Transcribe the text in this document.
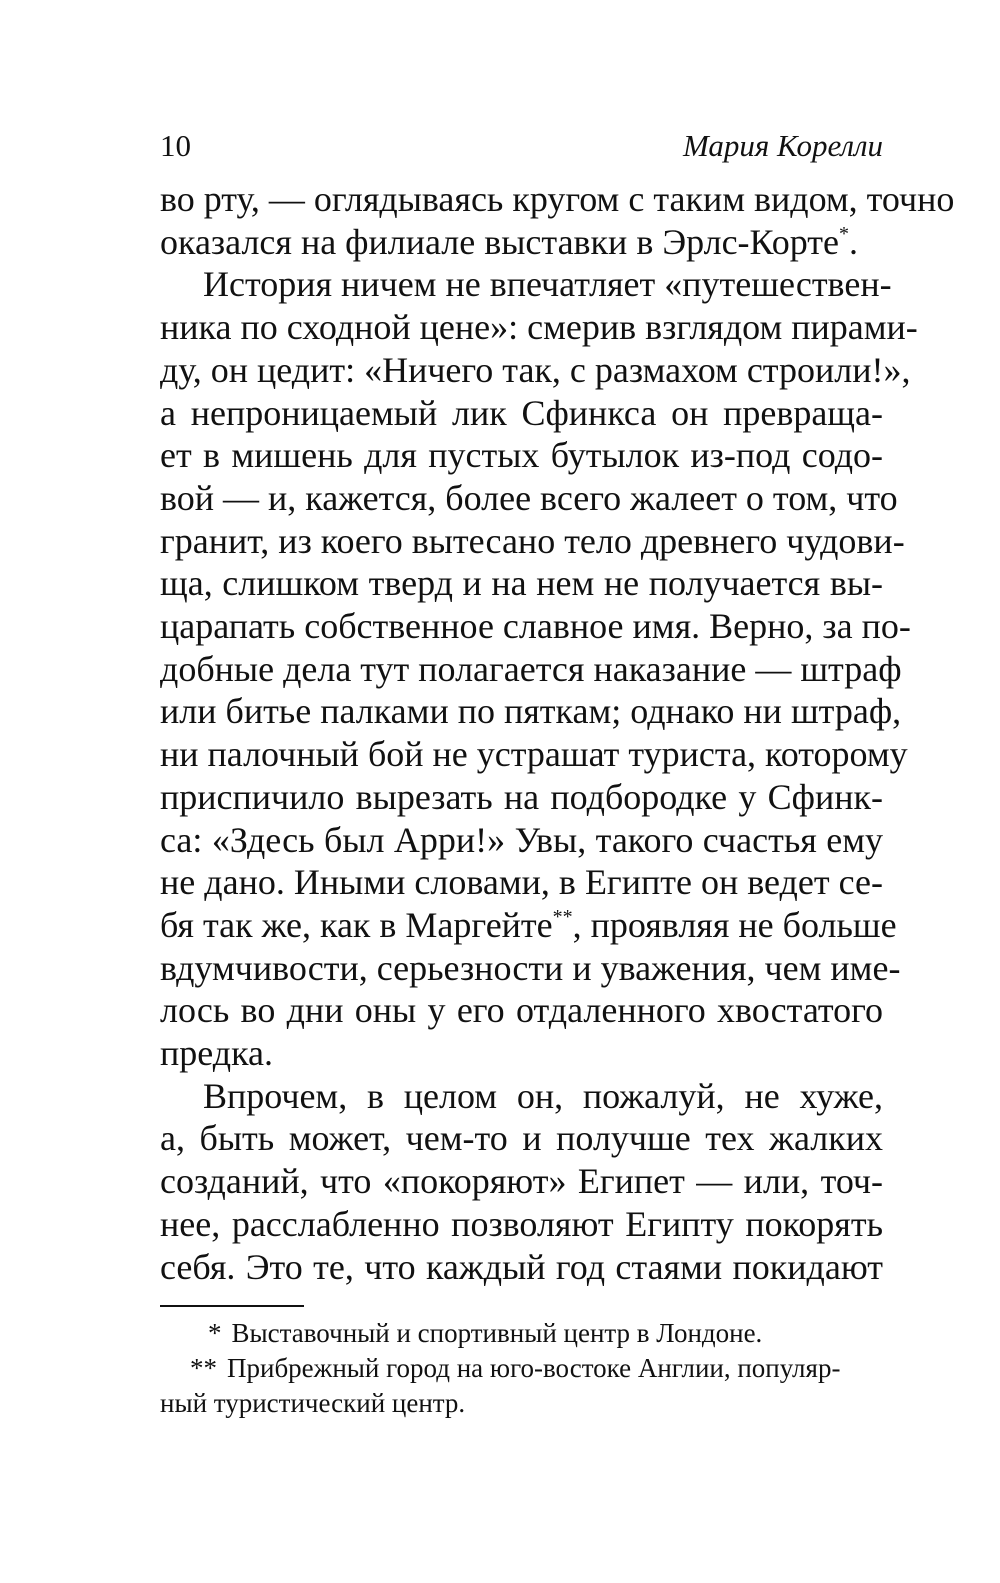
10	Мария Корелли
во рту, — оглядываясь кругом с таким видом, точно
оказался на филиале выставки в Эрлс-Корте*.
История ничем не впечатляет «путешествен-
ника по сходной цене»: смерив взглядом пирами-
ду, он цедит: «Ничего так, с размахом строили!»,
а непроницаемый лик Сфинкса он превраща-
ет в мишень для пустых бутылок из-под содо-
вой — и, кажется, более всего жалеет о том, что
гранит, из коего вытесано тело древнего чудови-
ща, слишком тверд и на нем не получается вы-
царапать собственное славное имя. Верно, за по-
добные дела тут полагается наказание — штраф
или битье палками по пяткам; однако ни штраф,
ни палочный бой не устрашат туриста, которому
приспичило вырезать на подбородке у Сфинк-
са: «Здесь был Арри!» Увы, такого счастья ему
не дано. Иными словами, в Египте он ведет се-
бя так же, как в Маргейте**, проявляя не больше
вдумчивости, серьезности и уважения, чем име-
лось во дни оны у его отдаленного хвостатого
предка.
Впрочем, в целом он, пожалуй, не хуже,
а, быть может, чем-то и получше тех жалких
созданий, что «покоряют» Египет — или, точ-
нее, расслабленно позволяют Египту покорять
себя. Это те, что каждый год стаями покидают
* Выставочный и спортивный центр в Лондоне.
** Прибрежный город на юго-востоке Англии, популяр-
ный туристический центр.
